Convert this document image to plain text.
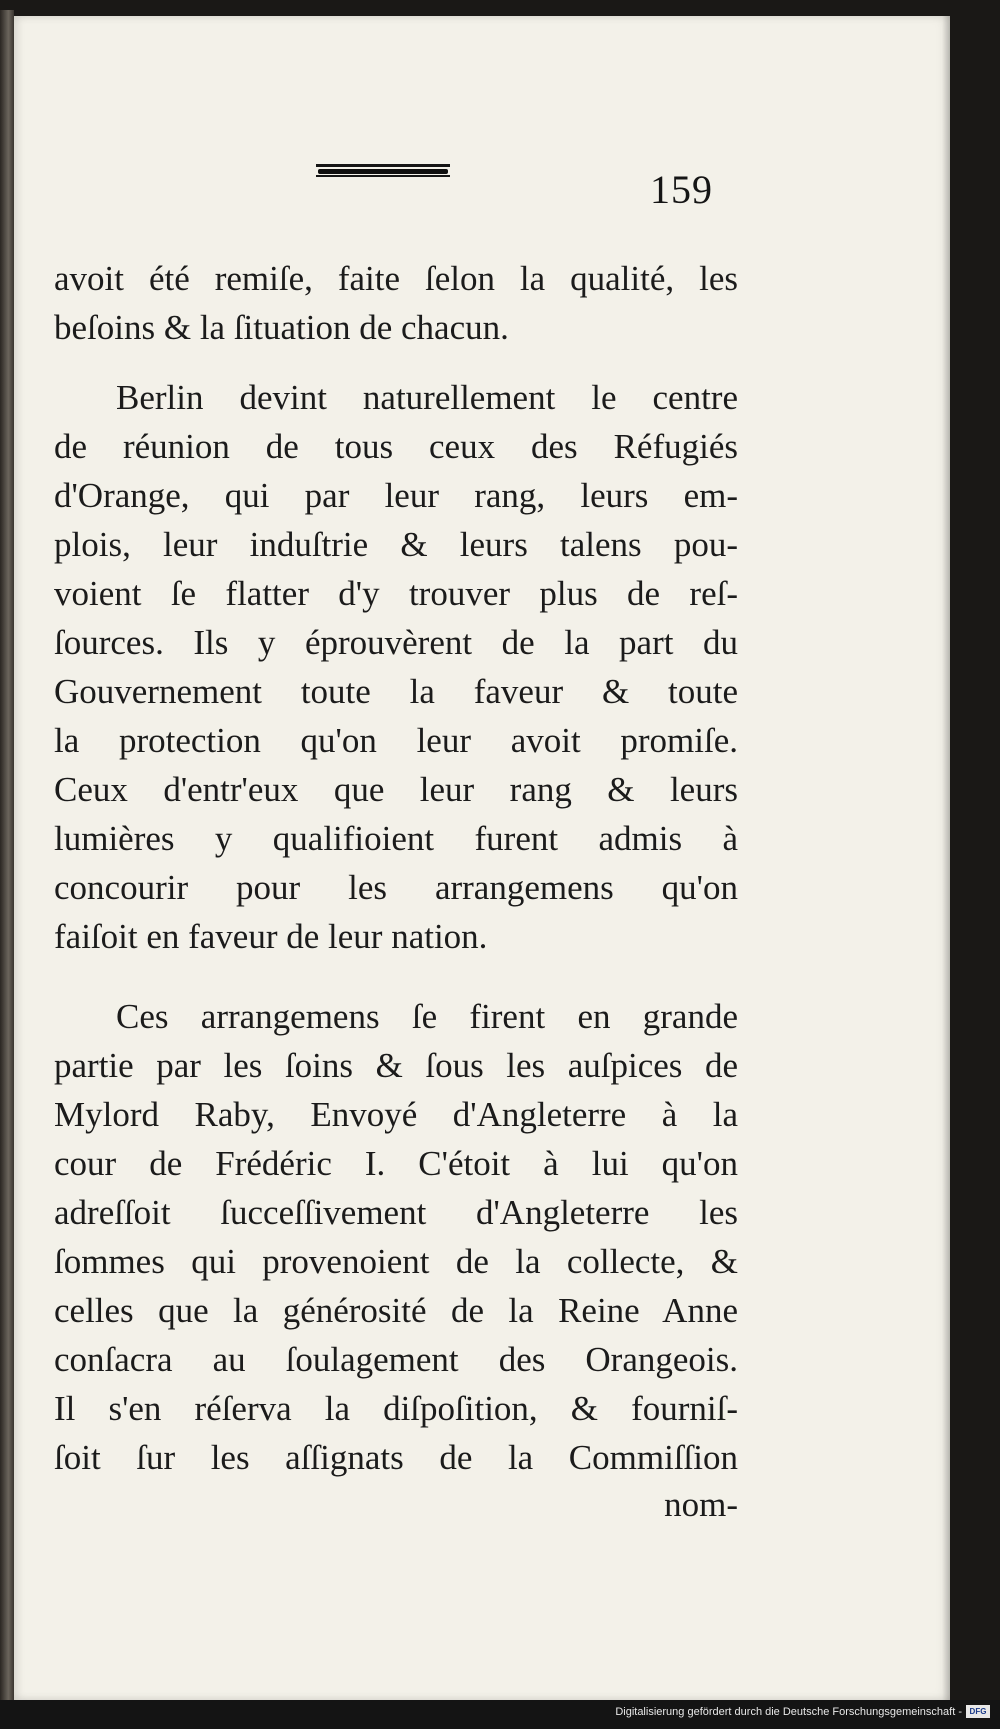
159
avoit été remiſe, faite ſelon la qualité, les
beſoins & la ſituation de chacun.
Berlin devint naturellement le centre
de réunion de tous ceux des Réfugiés
d'Orange, qui par leur rang, leurs em-
plois, leur induſtrie & leurs talens pou-
voient ſe flatter d'y trouver plus de reſ-
ſources. Ils y éprouvèrent de la part du
Gouvernement toute la faveur & toute
la protection qu'on leur avoit promiſe.
Ceux d'entr'eux que leur rang & leurs
lumières y qualifioient furent admis à
concourir pour les arrangemens qu'on
faiſoit en faveur de leur nation.
Ces arrangemens ſe firent en grande
partie par les ſoins & ſous les auſpices de
Mylord Raby, Envoyé d'Angleterre à la
cour de Frédéric I. C'étoit à lui qu'on
adreſſoit ſucceſſivement d'Angleterre les
ſommes qui provenoient de la collecte, &
celles que la générosité de la Reine Anne
conſacra au ſoulagement des Orangeois.
Il s'en réſerva la diſpoſition, & fourniſ-
ſoit ſur les aſſignats de la Commiſſion
nom-
Digitalisierung gefördert durch die Deutsche Forschungsgemeinschaft - DFG
